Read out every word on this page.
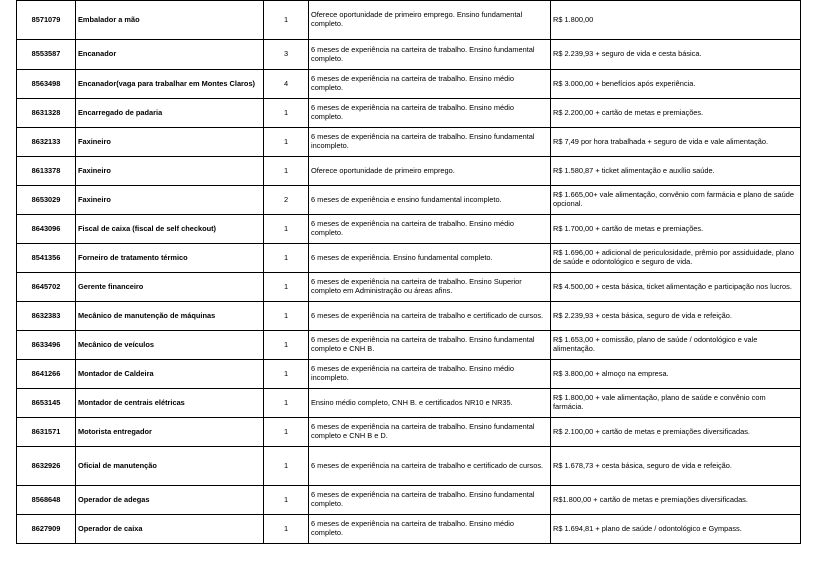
8571079	Embalador a mão	1	Oferece oportunidade de primeiro emprego. Ensino fundamental completo.	R$ 1.800,00
8553587	Encanador	3	6 meses de experiência na carteira de trabalho. Ensino fundamental completo.	R$ 2.239,93 + seguro de vida e cesta básica.
8563498	Encanador(vaga para trabalhar em Montes Claros)	4	6 meses de experiência na carteira de trabalho. Ensino médio completo.	R$ 3.000,00 + benefícios após experiência.
8631328	Encarregado de padaria	1	6 meses de experiência na carteira de trabalho. Ensino médio completo.	R$ 2.200,00 + cartão de metas e premiações.
8632133	Faxineiro	1	6 meses de experiência na carteira de trabalho. Ensino fundamental incompleto.	R$ 7,49 por hora trabalhada + seguro de vida e vale alimentação.
8613378	Faxineiro	1	Oferece oportunidade de primeiro emprego.	R$ 1.580,87 + ticket alimentação e auxílio saúde.
8653029	Faxineiro	2	6 meses de experiência e ensino fundamental incompleto.	R$ 1.665,00+ vale alimentação, convênio com farmácia e plano de saúde opcional.
8643096	Fiscal de caixa (fiscal de self checkout)	1	6 meses de experiência na carteira de trabalho. Ensino médio completo.	R$ 1.700,00 + cartão de metas e premiações.
8541356	Forneiro de tratamento térmico	1	6 meses de experiência. Ensino fundamental completo.	R$ 1.696,00 + adicional de periculosidade, prêmio por assiduidade, plano de saúde e odontológico e seguro de vida.
8645702	Gerente financeiro	1	6 meses de experiência na carteira de trabalho. Ensino Superior completo em Administração ou áreas afins.	R$ 4.500,00 + cesta básica, ticket alimentação e participação nos lucros.
8632383	Mecânico de manutenção de máquinas	1	6 meses de experiência na carteira de trabalho e certificado de cursos.	R$ 2.239,93 + cesta básica, seguro de vida e refeição.
8633496	Mecânico de veículos	1	6 meses de experiência na carteira de trabalho. Ensino fundamental completo e CNH B.	R$ 1.653,00 + comissão, plano de saúde / odontológico e vale alimentação.
8641266	Montador de Caldeira	1	6 meses de experiência na carteira de trabalho. Ensino médio incompleto.	R$ 3.800,00 + almoço na empresa.
8653145	Montador de centrais elétricas	1	Ensino médio completo, CNH B. e certificados NR10 e NR35.	R$ 1.800,00 + vale alimentação, plano de saúde e convênio com farmácia.
8631571	Motorista entregador	1	6 meses de experiência na carteira de trabalho. Ensino fundamental completo e CNH B e D.	R$ 2.100,00 + cartão de metas e premiações diversificadas.
8632926	Oficial de manutenção	1	6 meses de experiência na carteira de trabalho e certificado de cursos.	R$ 1.678,73 + cesta básica, seguro de vida e refeição.
8568648	Operador de adegas	1	6 meses de experiência na carteira de trabalho. Ensino fundamental completo.	R$1.800,00 + cartão de metas e premiações diversificadas.
8627909	Operador de caixa	1	6 meses de experiência na carteira de trabalho. Ensino médio completo.	R$ 1.694,81 + plano de saúde / odontológico e Gympass.
